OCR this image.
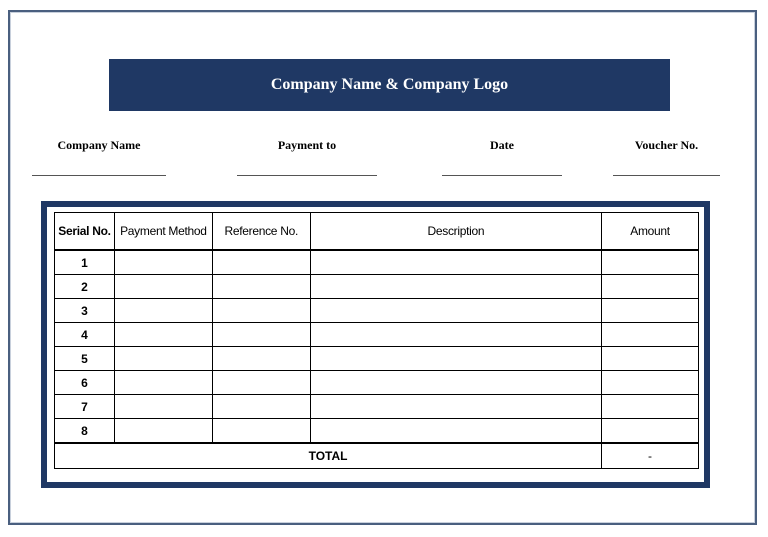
Company Name & Company Logo
Company Name	Payment to	Date	Voucher No.
Serial No.	Payment Method	Reference No.	Description	Amount
1				
2				
3				
4				
5				
6				
7				
8				
TOTAL				-
